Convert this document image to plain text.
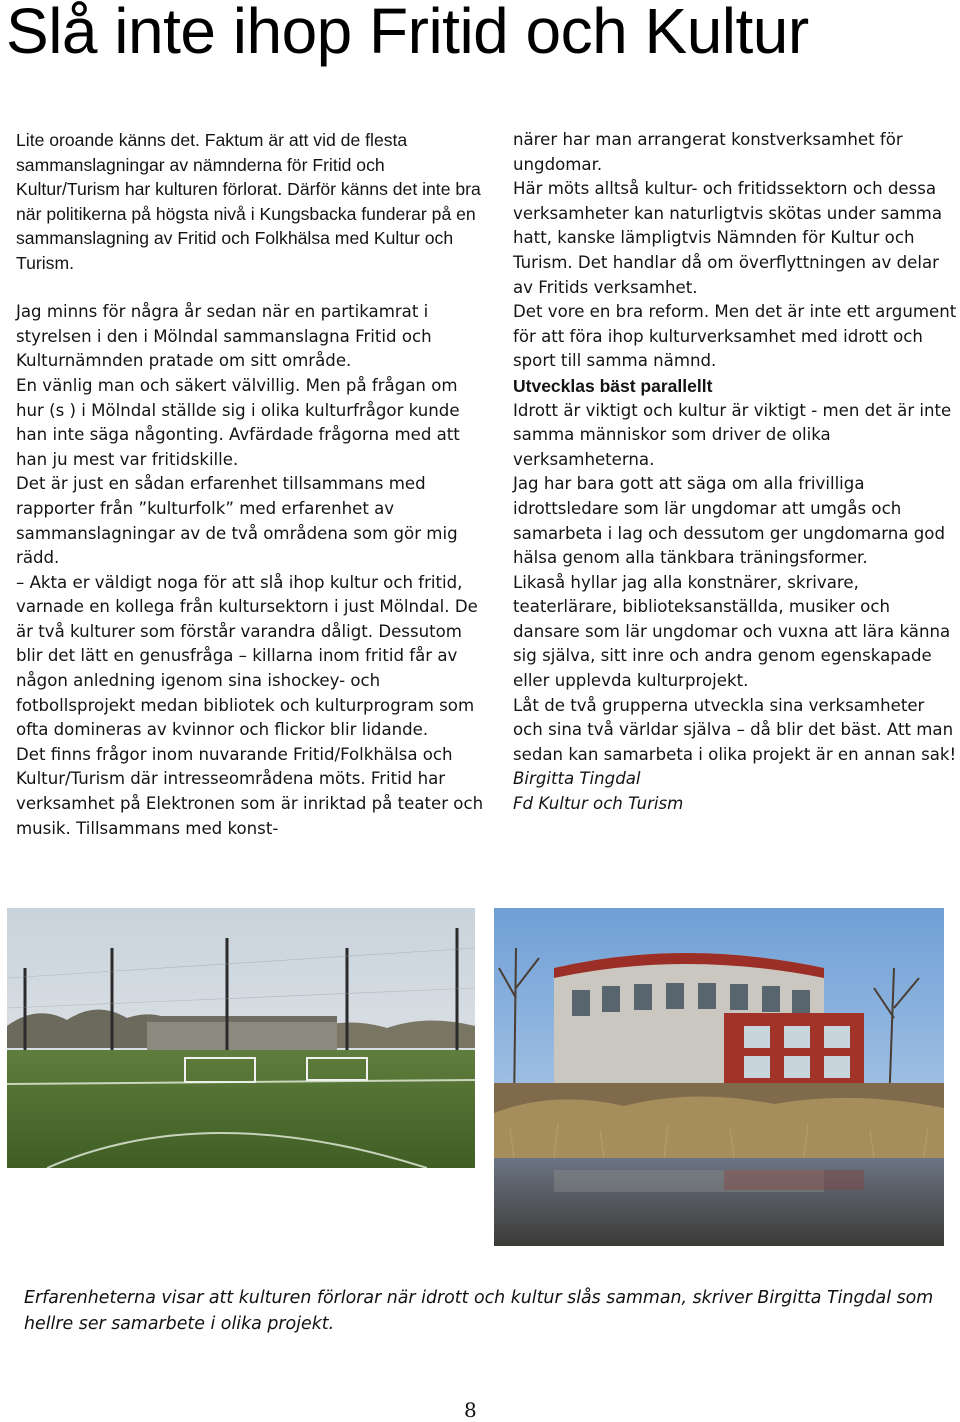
Slå inte ihop Fritid och Kultur

Lite oroande känns det. Faktum är att vid de flesta sammanslagningar av nämnderna för Fritid och Kultur/Turism har kulturen förlorat. Därför känns det inte bra när politikerna på högsta nivå i Kungsbacka funderar på en sammanslagning av Fritid och Folkhälsa med Kultur och Turism.

Jag minns för några år sedan när en partikamrat i styrelsen i den i Mölndal sammanslagna Fritid och Kulturnämnden pratade om sitt område.

En vänlig man och säkert välvillig. Men på frågan om hur (s ) i Mölndal ställde sig i olika kulturfrågor kunde han inte säga någonting. Avfärdade frågorna med att han ju mest var fritidskille.

Det är just en sådan erfarenhet tillsammans med rapporter från ”kulturfolk” med erfarenhet av sammanslagningar av de två områdena som gör mig rädd.

– Akta er väldigt noga för att slå ihop kultur och fritid, varnade en kollega från kultursektorn i just Mölndal. De är två kulturer som förstår varandra dåligt. Dessutom blir det lätt en genusfråga – killarna inom fritid får av någon anledning igenom sina ishockey- och fotbollsprojekt medan bibliotek och kulturprogram som ofta domineras av kvinnor och flickor blir lidande.

Det finns frågor inom nuvarande Fritid/Folkhälsa och Kultur/Turism där intresseområdena möts. Fritid har verksamhet på Elektronen som är inriktad på teater och musik. Tillsammans med konst-

närer har man arrangerat konstverksamhet för ungdomar.

Här möts alltså kultur- och fritidssektorn och dessa verksamheter kan naturligtvis skötas under samma hatt, kanske lämpligtvis Nämnden för Kultur och Turism. Det handlar då om överflyttningen av delar av Fritids verksamhet.

Det vore en bra reform. Men det är inte ett argument för att föra ihop kulturverksamhet med idrott och sport till samma nämnd.

Utvecklas bäst parallellt

Idrott är viktigt och kultur är viktigt - men det är inte samma människor som driver de olika verksamheterna.

Jag har bara gott att säga om alla frivilliga idrottsledare som lär ungdomar att umgås och samarbeta i lag och dessutom ger ungdomarna god hälsa genom alla tänkbara träningsformer.

Likaså hyllar jag alla konstnärer, skrivare, teaterlärare, biblioteksanställda, musiker och dansare som lär ungdomar och vuxna att lära känna sig själva, sitt inre och andra genom egenskapade eller upplevda kulturprojekt.

Låt de två grupperna utveckla sina verksamheter och sina två världar själva – då blir det bäst. Att man sedan kan samarbeta i olika projekt är en annan sak!

Birgitta Tingdal

Fd Kultur och Turism

Erfarenheterna visar att kulturen förlorar när idrott och kultur slås samman, skriver Birgitta Tingdal som hellre ser samarbete i olika projekt.

8
